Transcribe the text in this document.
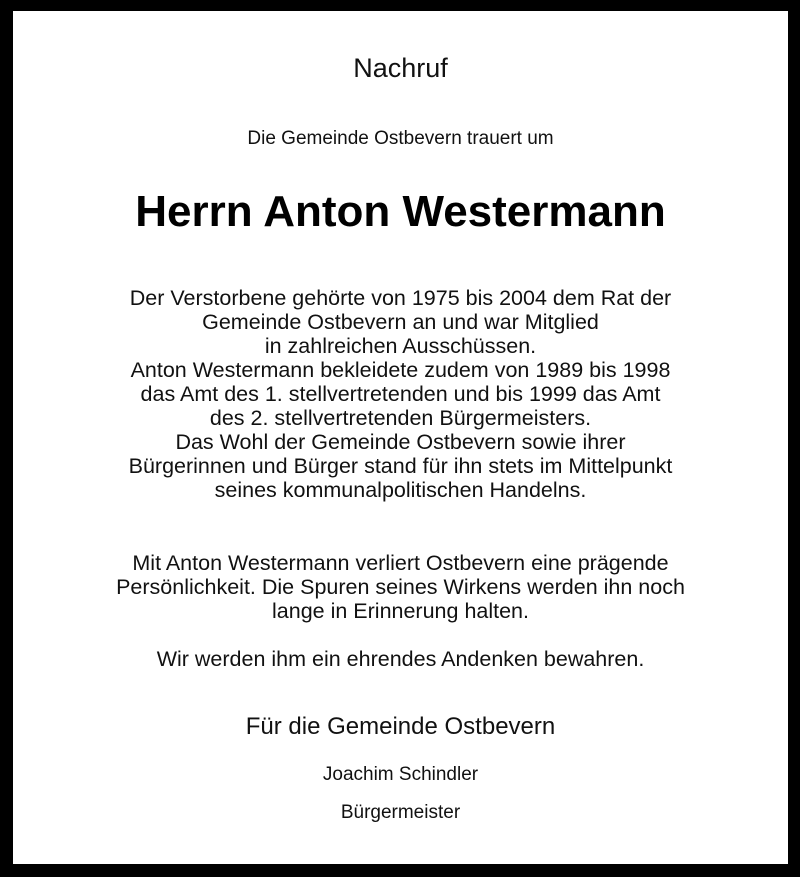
Nachruf
Die Gemeinde Ostbevern trauert um
Herrn Anton Westermann
Der Verstorbene gehörte von 1975 bis 2004 dem Rat der
Gemeinde Ostbevern an und war Mitglied
in zahlreichen Ausschüssen.
Anton Westermann bekleidete zudem von 1989 bis 1998
das Amt des 1. stellvertretenden und bis 1999 das Amt
des 2. stellvertretenden Bürgermeisters.
Das Wohl der Gemeinde Ostbevern sowie ihrer
Bürgerinnen und Bürger stand für ihn stets im Mittelpunkt
seines kommunalpolitischen Handelns.
Mit Anton Westermann verliert Ostbevern eine prägende
Persönlichkeit. Die Spuren seines Wirkens werden ihn noch
lange in Erinnerung halten.
Wir werden ihm ein ehrendes Andenken bewahren.
Für die Gemeinde Ostbevern
Joachim Schindler
Bürgermeister
